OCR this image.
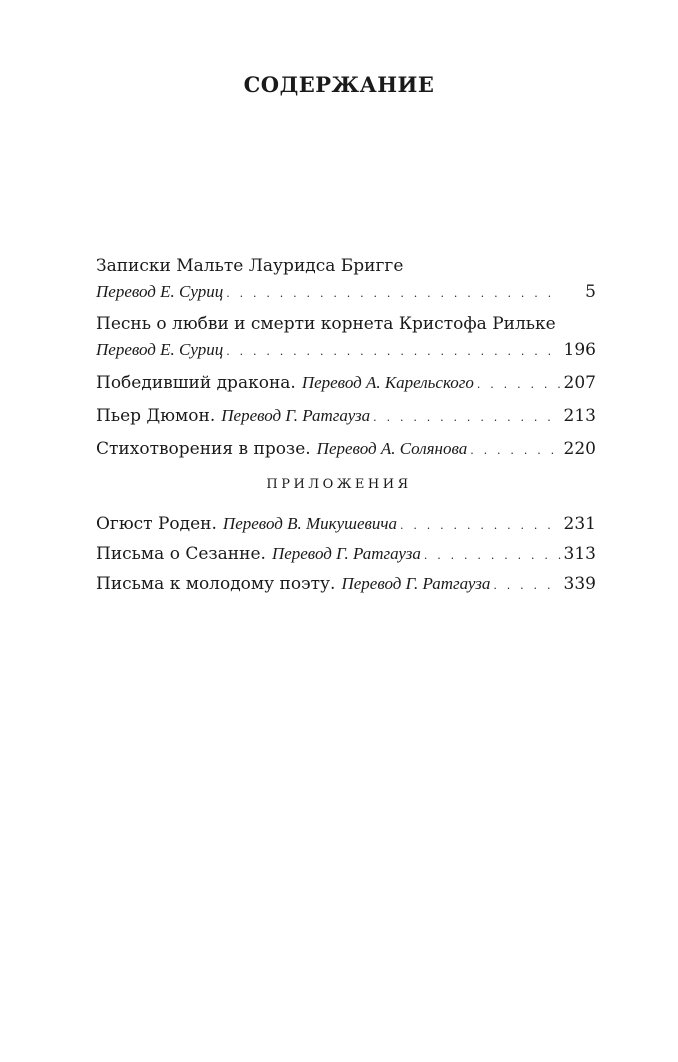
СОДЕРЖАНИЕ
Записки Мальте Лауридса Бригге
Перевод Е. Суриц . . .	5
Песнь о любви и смерти корнета Кристофа Рильке
Перевод Е. Суриц . . .	196
Победивший дракона. Перевод А. Карельского . . .	207
Пьер Дюмон. Перевод Г. Ратгауза . . .	213
Стихотворения в прозе. Перевод А. Солянова . . .	220
ПРИЛОЖЕНИЯ
Огюст Роден. Перевод В. Микушевича . . .	231
Письма о Сезанне. Перевод Г. Ратгауза . . .	313
Письма к молодому поэту. Перевод Г. Ратгауза . . .	339
